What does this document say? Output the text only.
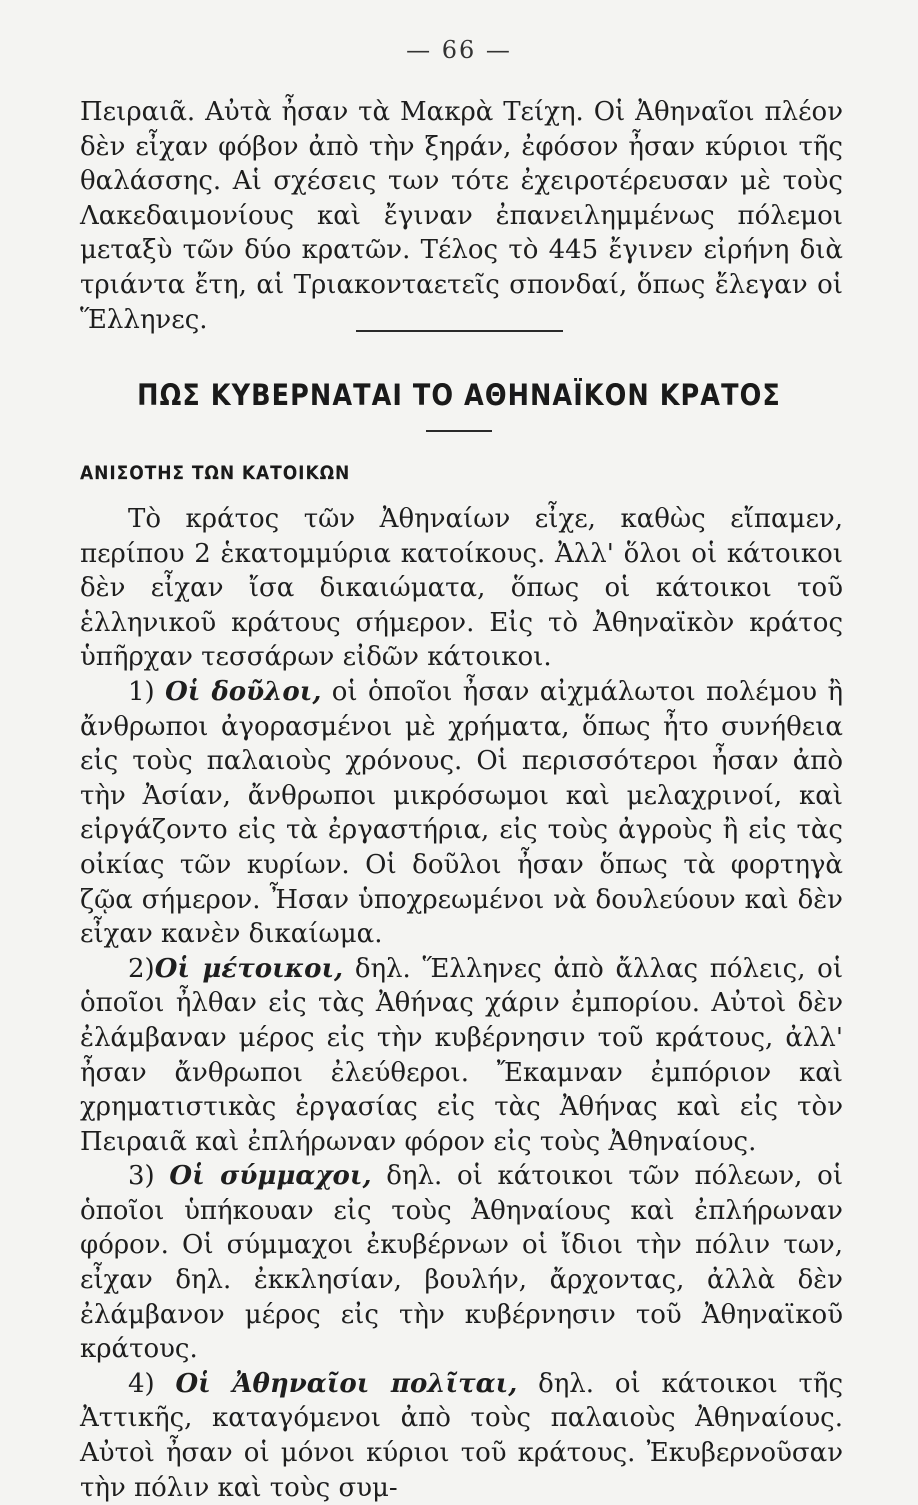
— 66 —

Πειραιᾶ. Αὐτὰ ἦσαν τὰ Μακρὰ Τείχη. Οἱ Ἀθηναῖοι πλέον δὲν εἶχαν φόβον ἀπὸ τὴν ξηράν, ἐφόσον ἦσαν κύριοι τῆς θαλάσσης. Αἱ σχέσεις των τότε ἐχειροτέρευσαν μὲ τοὺς Λακεδαιμονίους καὶ ἔγιναν ἐπανειλημμένως πόλεμοι μεταξὺ τῶν δύο κρατῶν. Τέλος τὸ 445 ἔγινεν εἰρήνη διὰ τριάντα ἔτη, αἱ Τριακονταετεῖς σπονδαί, ὅπως ἔλεγαν οἱ Ἕλληνες.

ΠΩΣ ΚΥΒΕΡΝΑΤΑΙ ΤΟ ΑΘΗΝΑΪΚΟΝ ΚΡΑΤΟΣ
ΑΝΙΣΟΤΗΣ ΤΩΝ ΚΑΤΟΙΚΩΝ

Τὸ κράτος τῶν Ἀθηναίων εἶχε, καθὼς εἴπαμεν, περίπου 2 ἑκατομμύρια κατοίκους. Ἀλλ' ὅλοι οἱ κάτοικοι δὲν εἶχαν ἴσα δικαιώματα, ὅπως οἱ κάτοικοι τοῦ ἑλληνικοῦ κράτους σήμερον. Εἰς τὸ Ἀθηναϊκὸν κράτος ὑπῆρχαν τεσσάρων εἰδῶν κάτοικοι.

1) Οἱ δοῦλοι, οἱ ὁποῖοι ἦσαν αἰχμάλωτοι πολέμου ἢ ἄνθρωποι ἀγορασμένοι μὲ χρήματα, ὅπως ἦτο συνήθεια εἰς τοὺς παλαιοὺς χρόνους. Οἱ περισσότεροι ἦσαν ἀπὸ τὴν Ἀσίαν, ἄνθρωποι μικρόσωμοι καὶ μελαχρινοί, καὶ εἰργάζοντο εἰς τὰ ἐργαστήρια, εἰς τοὺς ἀγροὺς ἢ εἰς τὰς οἰκίας τῶν κυρίων. Οἱ δοῦλοι ἦσαν ὅπως τὰ φορτηγὰ ζῷα σήμερον. Ἦσαν ὑποχρεωμένοι νὰ δουλεύουν καὶ δὲν εἶχαν κανὲν δικαίωμα.

2)Οἱ μέτοικοι, δηλ. Ἕλληνες ἀπὸ ἄλλας πόλεις, οἱ ὁποῖοι ἦλθαν εἰς τὰς Ἀθήνας χάριν ἐμπορίου. Αὐτοὶ δὲν ἐλάμβαναν μέρος εἰς τὴν κυβέρνησιν τοῦ κράτους, ἀλλ' ἦσαν ἄνθρωποι ἐλεύθεροι. Ἔκαμναν ἐμπόριον καὶ χρηματιστικὰς ἐργασίας εἰς τὰς Ἀθήνας καὶ εἰς τὸν Πειραιᾶ καὶ ἐπλήρωναν φόρον εἰς τοὺς Ἀθηναίους.

3) Οἱ σύμμαχοι, δηλ. οἱ κάτοικοι τῶν πόλεων, οἱ ὁποῖοι ὑπήκουαν εἰς τοὺς Ἀθηναίους καὶ ἐπλήρωναν φόρον. Οἱ σύμμαχοι ἐκυβέρνων οἱ ἴδιοι τὴν πόλιν των, εἶχαν δηλ. ἐκκλησίαν, βουλήν, ἄρχοντας, ἀλλὰ δὲν ἐλάμβανον μέρος εἰς τὴν κυβέρνησιν τοῦ Ἀθηναϊκοῦ κράτους.

4) Οἱ Ἀθηναῖοι πολῖται, δηλ. οἱ κάτοικοι τῆς Ἀττικῆς, καταγόμενοι ἀπὸ τοὺς παλαιοὺς Ἀθηναίους. Αὐτοὶ ἦσαν οἱ μόνοι κύριοι τοῦ κράτους. Ἐκυβερνοῦσαν τὴν πόλιν καὶ τοὺς συμ-
